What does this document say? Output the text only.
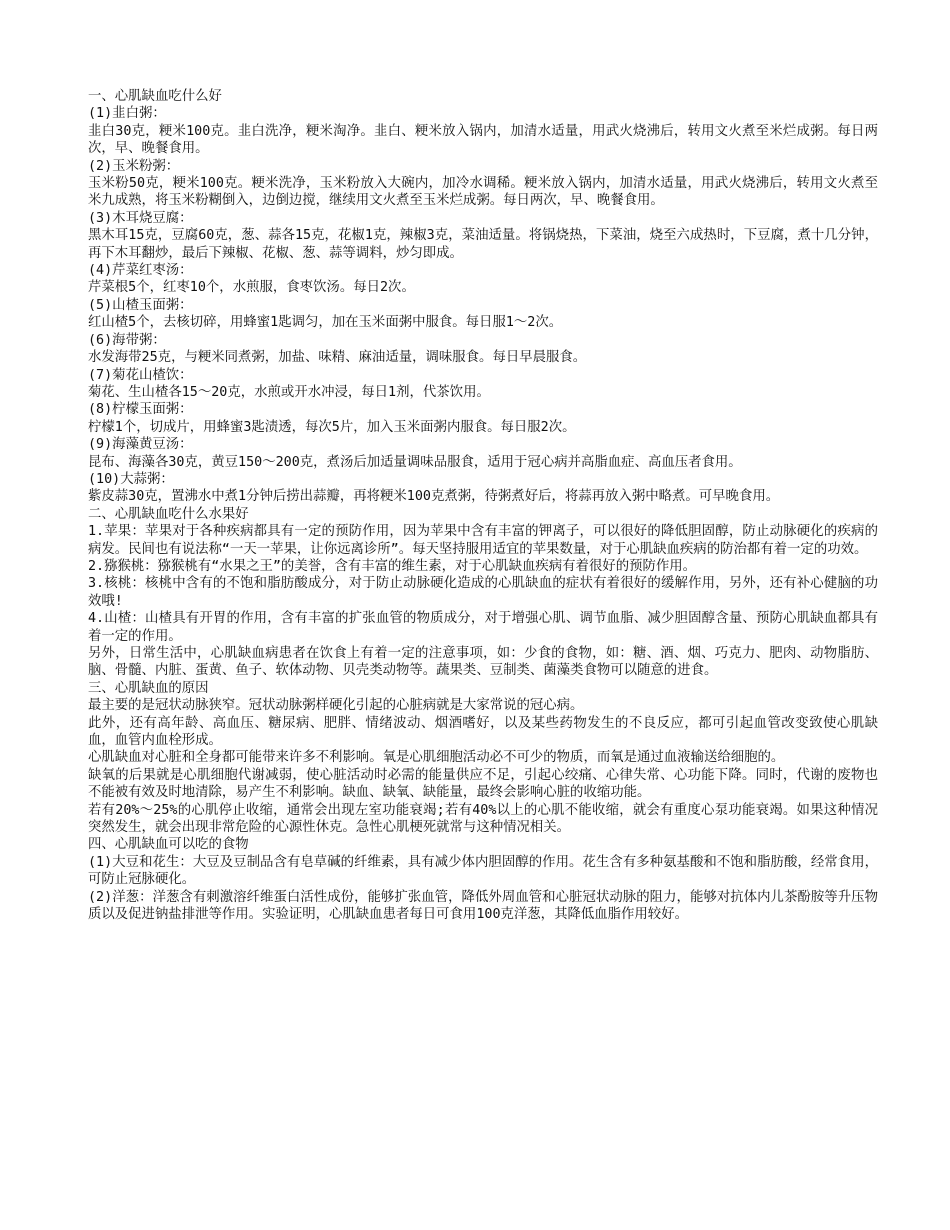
一、心肌缺血吃什么好

(1)韭白粥：

韭白30克，粳米100克。韭白洗净，粳米淘净。韭白、粳米放入锅内，加清水适量，用武火烧沸后，转用文火煮至米烂成粥。每日两次，早、晚餐食用。

(2)玉米粉粥：

玉米粉50克，粳米100克。粳米洗净，玉米粉放入大碗内，加冷水调稀。粳米放入锅内，加清水适量，用武火烧沸后，转用文火煮至米九成熟，将玉米粉糊倒入，边倒边搅，继续用文火煮至玉米烂成粥。每日两次，早、晚餐食用。

(3)木耳烧豆腐：

黑木耳15克，豆腐60克，葱、蒜各15克，花椒1克，辣椒3克，菜油适量。将锅烧热，下菜油，烧至六成热时，下豆腐，煮十几分钟，再下木耳翻炒，最后下辣椒、花椒、葱、蒜等调料，炒匀即成。

(4)芹菜红枣汤：

芹菜根5个，红枣10个，水煎服，食枣饮汤。每日2次。

(5)山楂玉面粥：

红山楂5个，去核切碎，用蜂蜜1匙调匀，加在玉米面粥中服食。每日服1～2次。

(6)海带粥：

水发海带25克，与粳米同煮粥，加盐、味精、麻油适量，调味服食。每日早晨服食。

(7)菊花山楂饮：

菊花、生山楂各15～20克，水煎或开水冲浸，每日1剂，代茶饮用。

(8)柠檬玉面粥：

柠檬1个，切成片，用蜂蜜3匙渍透，每次5片，加入玉米面粥内服食。每日服2次。

(9)海藻黄豆汤：

昆布、海藻各30克，黄豆150～200克，煮汤后加适量调味品服食，适用于冠心病并高脂血症、高血压者食用。

(10)大蒜粥：

紫皮蒜30克，置沸水中煮1分钟后捞出蒜瓣，再将粳米100克煮粥，待粥煮好后，将蒜再放入粥中略煮。可早晚食用。

二、心肌缺血吃什么水果好

1.苹果：苹果对于各种疾病都具有一定的预防作用，因为苹果中含有丰富的钾离子，可以很好的降低胆固醇，防止动脉硬化的疾病的病发。民间也有说法称“一天一苹果，让你远离诊所”。每天坚持服用适宜的苹果数量，对于心肌缺血疾病的防治都有着一定的功效。

2.猕猴桃：猕猴桃有“水果之王”的美誉，含有丰富的维生素，对于心肌缺血疾病有着很好的预防作用。

3.核桃：核桃中含有的不饱和脂肪酸成分，对于防止动脉硬化造成的心肌缺血的症状有着很好的缓解作用，另外，还有补心健脑的功效哦!

4.山楂：山楂具有开胃的作用，含有丰富的扩张血管的物质成分，对于增强心肌、调节血脂、减少胆固醇含量、预防心肌缺血都具有着一定的作用。

另外，日常生活中，心肌缺血病患者在饮食上有着一定的注意事项，如：少食的食物，如：糖、酒、烟、巧克力、肥肉、动物脂肪、脑、骨髓、内脏、蛋黄、鱼子、软体动物、贝壳类动物等。蔬果类、豆制类、菌藻类食物可以随意的进食。

三、心肌缺血的原因

最主要的是冠状动脉狭窄。冠状动脉粥样硬化引起的心脏病就是大家常说的冠心病。

此外，还有高年龄、高血压、糖尿病、肥胖、情绪波动、烟酒嗜好，以及某些药物发生的不良反应，都可引起血管改变致使心肌缺血，血管内血栓形成。

心肌缺血对心脏和全身都可能带来许多不利影响。氧是心肌细胞活动必不可少的物质，而氧是通过血液输送给细胞的。

缺氧的后果就是心肌细胞代谢减弱，使心脏活动时必需的能量供应不足，引起心绞痛、心律失常、心功能下降。同时，代谢的废物也不能被有效及时地清除，易产生不利影响。缺血、缺氧、缺能量，最终会影响心脏的收缩功能。

若有20%～25%的心肌停止收缩，通常会出现左室功能衰竭;若有40%以上的心肌不能收缩，就会有重度心泵功能衰竭。如果这种情况突然发生，就会出现非常危险的心源性休克。急性心肌梗死就常与这种情况相关。

四、心肌缺血可以吃的食物

(1)大豆和花生：大豆及豆制品含有皂草碱的纤维素，具有减少体内胆固醇的作用。花生含有多种氨基酸和不饱和脂肪酸，经常食用，可防止冠脉硬化。

(2)洋葱：洋葱含有刺激溶纤维蛋白活性成份，能够扩张血管，降低外周血管和心脏冠状动脉的阻力，能够对抗体内儿茶酚胺等升压物质以及促进钠盐排泄等作用。实验证明，心肌缺血患者每日可食用100克洋葱，其降低血脂作用较好。
